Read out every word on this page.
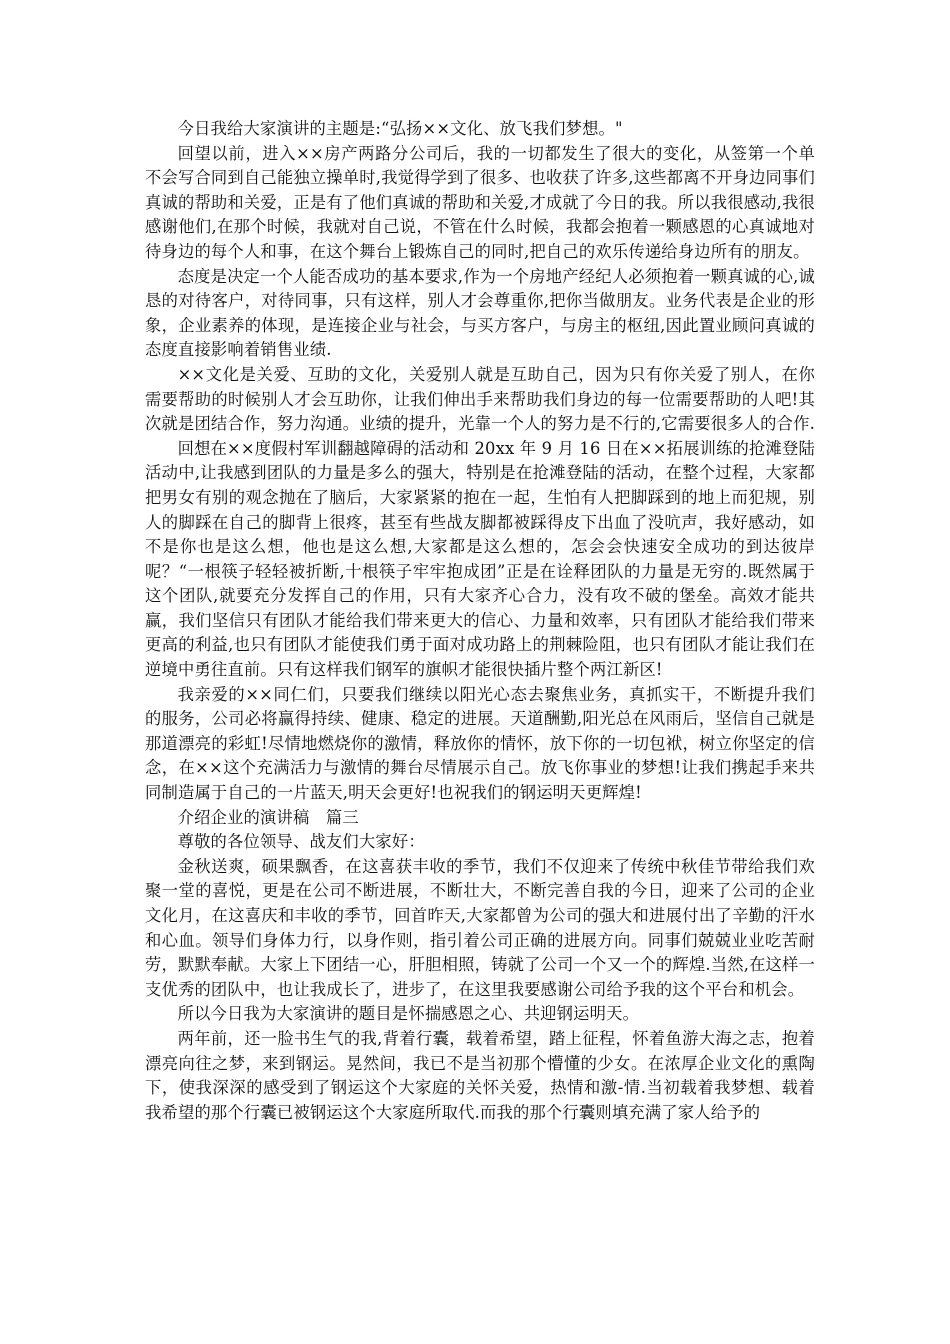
今日我给大家演讲的主题是:“弘扬××文化、放飞我们梦想。"

回望以前，进入××房产两路分公司后，我的一切都发生了很大的变化，从签第一个单不会写合同到自己能独立操单时,我觉得学到了很多、也收获了许多,这些都离不开身边同事们真诚的帮助和关爱，正是有了他们真诚的帮助和关爱,才成就了今日的我。所以我很感动,我很感谢他们,在那个时候，我就对自己说，不管在什么时候，我都会抱着一颗感恩的心真诚地对待身边的每个人和事，在这个舞台上锻炼自己的同时,把自己的欢乐传递给身边所有的朋友。

态度是决定一个人能否成功的基本要求,作为一个房地产经纪人必须抱着一颗真诚的心,诚恳的对待客户，对待同事，只有这样，别人才会尊重你,把你当做朋友。业务代表是企业的形象，企业素养的体现，是连接企业与社会，与买方客户，与房主的枢纽,因此置业顾问真诚的态度直接影响着销售业绩.

××文化是关爱、互助的文化，关爱别人就是互助自己，因为只有你关爱了别人，在你需要帮助的时候别人才会互助你，让我们伸出手来帮助我们身边的每一位需要帮助的人吧!其次就是团结合作，努力沟通。业绩的提升，光靠一个人的努力是不行的,它需要很多人的合作.

回想在××度假村军训翻越障碍的活动和 20xx 年 9 月 16 日在××拓展训练的抢滩登陆活动中,让我感到团队的力量是多么的强大，特别是在抢滩登陆的活动，在整个过程，大家都把男女有别的观念抛在了脑后，大家紧紧的抱在一起，生怕有人把脚踩到的地上而犯规，别人的脚踩在自己的脚背上很疼，甚至有些战友脚都被踩得皮下出血了没吭声，我好感动，如不是你也是这么想，他也是这么想,大家都是这么想的，怎会会快速安全成功的到达彼岸呢？“一根筷子轻轻被折断,十根筷子牢牢抱成团”正是在诠释团队的力量是无穷的.既然属于这个团队,就要充分发挥自己的作用，只有大家齐心合力，没有攻不破的堡垒。高效才能共赢，我们坚信只有团队才能给我们带来更大的信心、力量和效率，只有团队才能给我们带来更高的利益,也只有团队才能使我们勇于面对成功路上的荆棘险阻，也只有团队才能让我们在逆境中勇往直前。只有这样我们钢军的旗帜才能很快插片整个两江新区!

我亲爱的××同仁们，只要我们继续以阳光心态去聚焦业务，真抓实干，不断提升我们的服务，公司必将赢得持续、健康、稳定的进展。天道酬勤,阳光总在风雨后，坚信自己就是那道漂亮的彩虹!尽情地燃烧你的激情，释放你的情怀，放下你的一切包袱，树立你坚定的信念，在××这个充满活力与激情的舞台尽情展示自己。放飞你事业的梦想!让我们携起手来共同制造属于自己的一片蓝天,明天会更好!也祝我们的钢运明天更辉煌!

介绍企业的演讲稿　篇三

尊敬的各位领导、战友们大家好：

金秋送爽，硕果飘香，在这喜获丰收的季节，我们不仅迎来了传统中秋佳节带给我们欢聚一堂的喜悦，更是在公司不断进展，不断壮大，不断完善自我的今日，迎来了公司的企业文化月，在这喜庆和丰收的季节，回首昨天,大家都曾为公司的强大和进展付出了辛勤的汗水和心血。领导们身体力行，以身作则，指引着公司正确的进展方向。同事们兢兢业业吃苦耐劳，默默奉献。大家上下团结一心，肝胆相照，铸就了公司一个又一个的辉煌.当然,在这样一支优秀的团队中，也让我成长了，进步了，在这里我要感谢公司给予我的这个平台和机会。

所以今日我为大家演讲的题目是怀揣感恩之心、共迎钢运明天。

两年前，还一脸书生气的我,背着行囊，载着希望，踏上征程，怀着鱼游大海之志，抱着漂亮向往之梦，来到钢运。晃然间，我已不是当初那个懵懂的少女。在浓厚企业文化的熏陶下，使我深深的感受到了钢运这个大家庭的关怀关爱，热情和激-情.当初载着我梦想、载着我希望的那个行囊已被钢运这个大家庭所取代.而我的那个行囊则填充满了家人给予的
